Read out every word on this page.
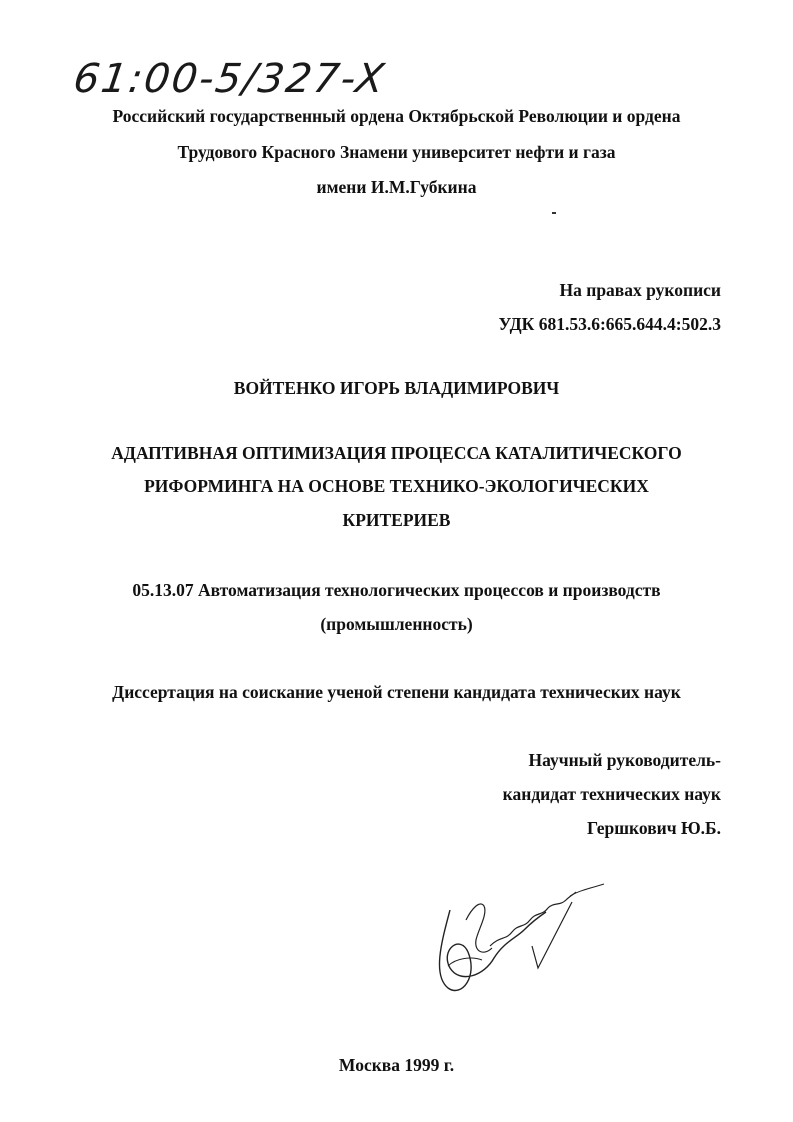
61:00-5/327-X

Российский государственный ордена Октябрьской Революции и ордена

Трудового Красного Знамени университет нефти и газа

имени И.М.Губкина

На правах рукописи

УДК 681.53.6:665.644.4:502.3

ВОЙТЕНКО ИГОРЬ ВЛАДИМИРОВИЧ

АДАПТИВНАЯ ОПТИМИЗАЦИЯ ПРОЦЕССА КАТАЛИТИЧЕСКОГО

РИФОРМИНГА НА ОСНОВЕ ТЕХНИКО-ЭКОЛОГИЧЕСКИХ

КРИТЕРИЕВ

05.13.07 Автоматизация технологических процессов и производств

(промышленность)

Диссертация на соискание ученой степени кандидата технических наук

Научный руководитель-

кандидат технических наук

Гершкович Ю.Б.

Москва 1999 г.
